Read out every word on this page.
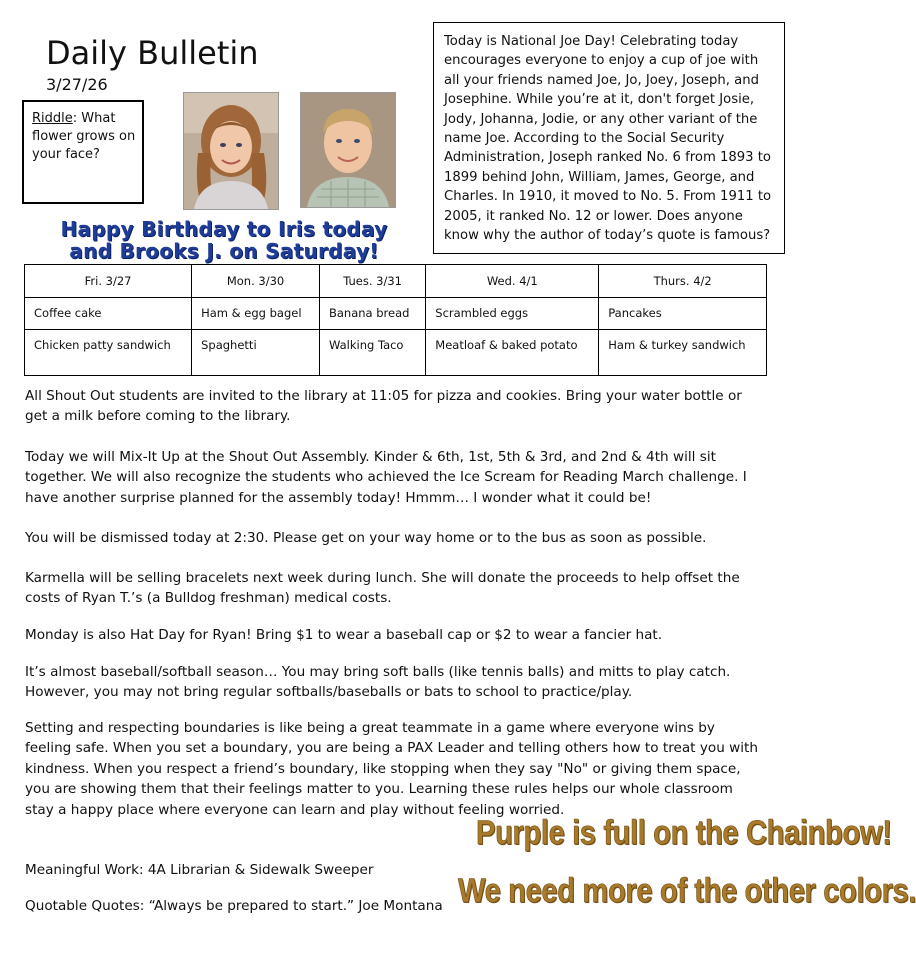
Daily Bulletin
3/27/26
Riddle: What flower grows on your face?
Happy Birthday to Iris today
and Brooks J. on Saturday!
Today is National Joe Day! Celebrating today encourages everyone to enjoy a cup of joe with all your friends named Joe, Jo, Joey, Joseph, and Josephine. While you’re at it, don't forget Josie, Jody, Johanna, Jodie, or any other variant of the name Joe. According to the Social Security Administration, Joseph ranked No. 6 from 1893 to 1899 behind John, William, James, George, and Charles. In 1910, it moved to No. 5. From 1911 to 2005, it ranked No. 12 or lower. Does anyone know why the author of today’s quote is famous?
Fri. 3/27	Mon. 3/30	Tues. 3/31	Wed. 4/1	Thurs. 4/2
Coffee cake	Ham & egg bagel	Banana bread	Scrambled eggs	Pancakes
Chicken patty sandwich	Spaghetti	Walking Taco	Meatloaf & baked potato	Ham & turkey sandwich
All Shout Out students are invited to the library at 11:05 for pizza and cookies. Bring your water bottle or get a milk before coming to the library.
Today we will Mix-It Up at the Shout Out Assembly. Kinder & 6th, 1st, 5th & 3rd, and 2nd & 4th will sit together. We will also recognize the students who achieved the Ice Scream for Reading March challenge. I have another surprise planned for the assembly today! Hmmm… I wonder what it could be!
You will be dismissed today at 2:30. Please get on your way home or to the bus as soon as possible.
Karmella will be selling bracelets next week during lunch. She will donate the proceeds to help offset the costs of Ryan T.’s (a Bulldog freshman) medical costs.
Monday is also Hat Day for Ryan! Bring $1 to wear a baseball cap or $2 to wear a fancier hat.
It’s almost baseball/softball season… You may bring soft balls (like tennis balls) and mitts to play catch. However, you may not bring regular softballs/baseballs or bats to school to practice/play.
Setting and respecting boundaries is like being a great teammate in a game where everyone wins by feeling safe. When you set a boundary, you are being a PAX Leader and telling others how to treat you with kindness. When you respect a friend’s boundary, like stopping when they say "No" or giving them space, you are showing them that their feelings matter to you. Learning these rules helps our whole classroom stay a happy place where everyone can learn and play without feeling worried.
Meaningful Work: 4A Librarian & Sidewalk Sweeper
Quotable Quotes: “Always be prepared to start.” Joe Montana
Purple is full on the Chainbow!
We need more of the other colors.
